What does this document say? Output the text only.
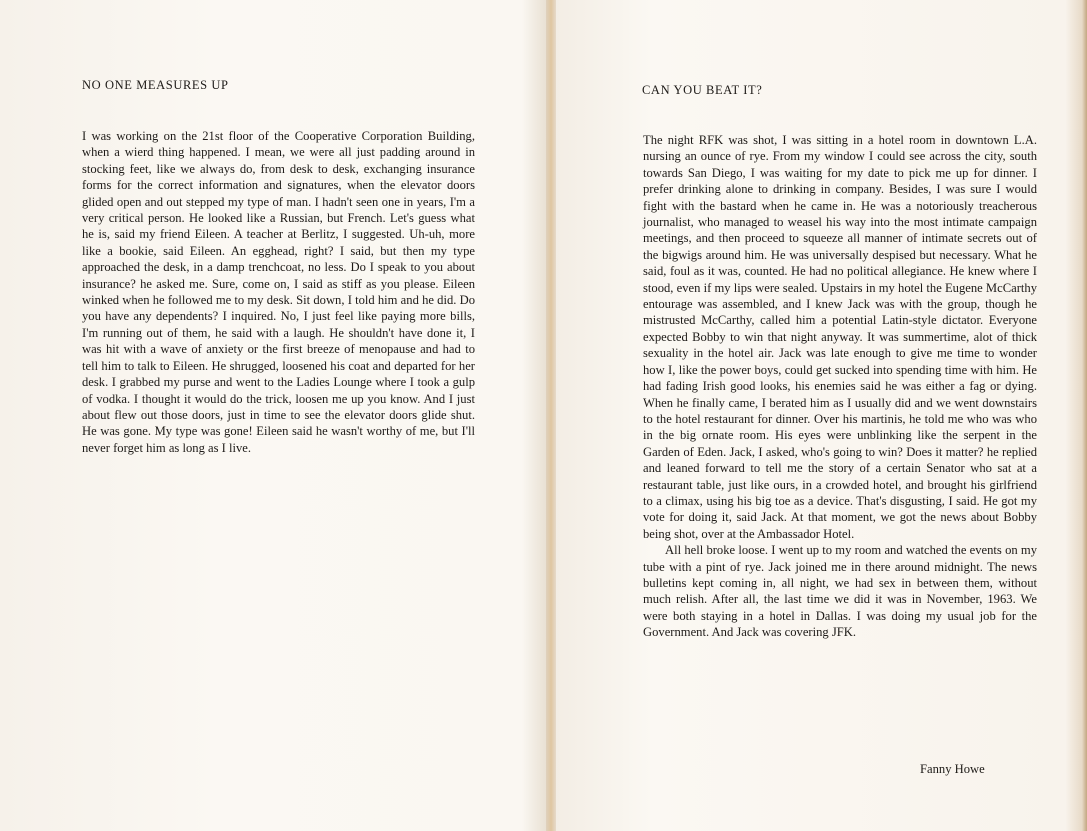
NO ONE MEASURES UP

I was working on the 21st floor of the Cooperative Corporation Building, when a wierd thing happened. I mean, we were all just padding around in stocking feet, like we always do, from desk to desk, exchanging insurance forms for the correct information and signatures, when the elevator doors glided open and out stepped my type of man. I hadn't seen one in years, I'm a very critical person. He looked like a Russian, but French. Let's guess what he is, said my friend Eileen. A teacher at Berlitz, I suggested. Uh-uh, more like a bookie, said Eileen. An egghead, right? I said, but then my type approached the desk, in a damp trenchcoat, no less. Do I speak to you about insurance? he asked me. Sure, come on, I said as stiff as you please. Eileen winked when he followed me to my desk. Sit down, I told him and he did. Do you have any dependents? I inquired. No, I just feel like paying more bills, I'm running out of them, he said with a laugh. He shouldn't have done it, I was hit with a wave of anxiety or the first breeze of menopause and had to tell him to talk to Eileen. He shrugged, loosened his coat and departed for her desk. I grabbed my purse and went to the Ladies Lounge where I took a gulp of vodka. I thought it would do the trick, loosen me up you know. And I just about flew out those doors, just in time to see the elevator doors glide shut. He was gone. My type was gone! Eileen said he wasn't worthy of me, but I'll never forget him as long as I live.

CAN YOU BEAT IT?

The night RFK was shot, I was sitting in a hotel room in downtown L.A. nursing an ounce of rye. From my window I could see across the city, south towards San Diego, I was waiting for my date to pick me up for dinner. I prefer drinking alone to drinking in company. Besides, I was sure I would fight with the bastard when he came in. He was a notoriously treacherous journalist, who managed to weasel his way into the most intimate campaign meetings, and then proceed to squeeze all manner of intimate secrets out of the bigwigs around him. He was universally despised but necessary. What he said, foul as it was, counted. He had no political allegiance. He knew where I stood, even if my lips were sealed. Upstairs in my hotel the Eugene McCarthy entourage was assembled, and I knew Jack was with the group, though he mistrusted McCarthy, called him a potential Latin-style dictator. Everyone expected Bobby to win that night anyway. It was summertime, alot of thick sexuality in the hotel air. Jack was late enough to give me time to wonder how I, like the power boys, could get sucked into spending time with him. He had fading Irish good looks, his enemies said he was either a fag or dying. When he finally came, I berated him as I usually did and we went downstairs to the hotel restaurant for dinner. Over his martinis, he told me who was who in the big ornate room. His eyes were unblinking like the serpent in the Garden of Eden. Jack, I asked, who's going to win? Does it matter? he replied and leaned forward to tell me the story of a certain Senator who sat at a restaurant table, just like ours, in a crowded hotel, and brought his girlfriend to a climax, using his big toe as a device. That's disgusting, I said. He got my vote for doing it, said Jack. At that moment, we got the news about Bobby being shot, over at the Ambassador Hotel.

All hell broke loose. I went up to my room and watched the events on my tube with a pint of rye. Jack joined me in there around midnight. The news bulletins kept coming in, all night, we had sex in between them, without much relish. After all, the last time we did it was in November, 1963. We were both staying in a hotel in Dallas. I was doing my usual job for the Government. And Jack was covering JFK.

Fanny Howe
